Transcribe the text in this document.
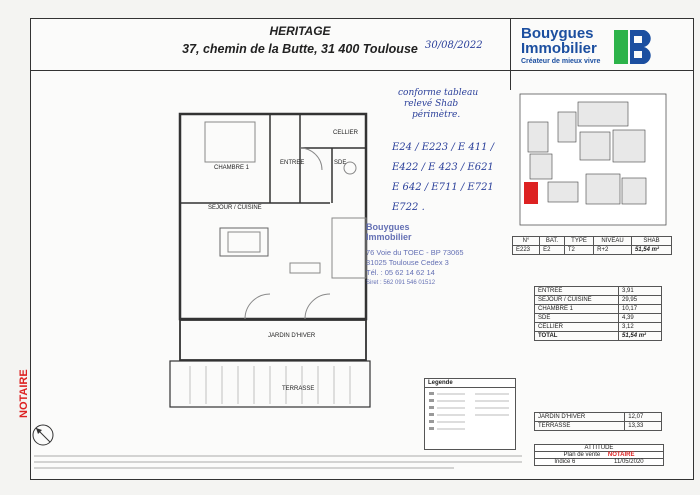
HERITAGE
37, chemin de la Butte, 31 400 Toulouse 30/08/2022
Bouygues
Immobilier
Créateur de mieux vivre
CHAMBRE 1
CELLIER
ENTREE	SDE
SEJOUR / CUISINE
JARDIN D'HIVER
TERRASSE
conforme tableau
relevé Shab
périmètre.
E24 / E223 / E 411 /
E422 / E 423 / E621
E 642 / E711 / E721
E722 .
Bouygues
Immobilier
76 Voie du TOEC - BP 73065
31025 Toulouse Cedex 3
Tél. : 05 62 14 62 14
Siret : 562 091 546 01512
NOTAIRE
N°	BAT.	TYPE	NIVEAU	SHAB
E223	E2	T2	R+2	51,54 m²
ENTREE	3,91
SEJOUR / CUISINE	29,95
CHAMBRE 1	10,17
SDE	4,39
CELLIER	3,12
TOTAL	51,54 m²
JARDIN D'HIVER	12,07
TERRASSE	13,33
Legende
ATTITUDE
Plan de vente NOTAIRE
Indice 6	11/05/2020
